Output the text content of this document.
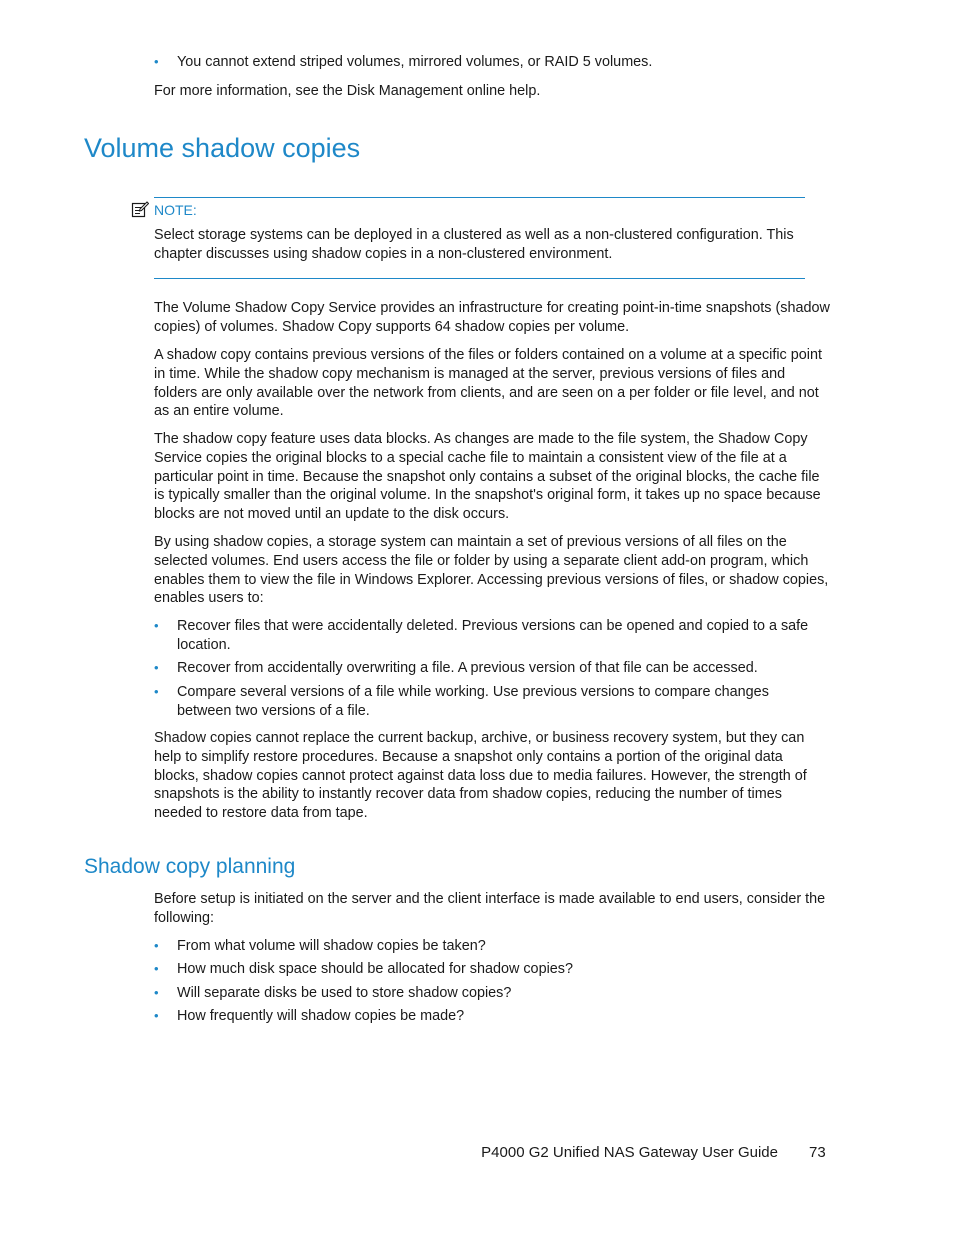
• You cannot extend striped volumes, mirrored volumes, or RAID 5 volumes.

For more information, see the Disk Management online help.

Volume shadow copies
NOTE:

Select storage systems can be deployed in a clustered as well as a non-clustered configuration. This chapter discusses using shadow copies in a non-clustered environment.

The Volume Shadow Copy Service provides an infrastructure for creating point-in-time snapshots (shadow copies) of volumes. Shadow Copy supports 64 shadow copies per volume.

A shadow copy contains previous versions of the files or folders contained on a volume at a specific point in time. While the shadow copy mechanism is managed at the server, previous versions of files and folders are only available over the network from clients, and are seen on a per folder or file level, and not as an entire volume.

The shadow copy feature uses data blocks. As changes are made to the file system, the Shadow Copy Service copies the original blocks to a special cache file to maintain a consistent view of the file at a particular point in time. Because the snapshot only contains a subset of the original blocks, the cache file is typically smaller than the original volume. In the snapshot's original form, it takes up no space because blocks are not moved until an update to the disk occurs.

By using shadow copies, a storage system can maintain a set of previous versions of all files on the selected volumes. End users access the file or folder by using a separate client add-on program, which enables them to view the file in Windows Explorer. Accessing previous versions of files, or shadow copies, enables users to:

• Recover files that were accidentally deleted. Previous versions can be opened and copied to a safe location.
• Recover from accidentally overwriting a file. A previous version of that file can be accessed.
• Compare several versions of a file while working. Use previous versions to compare changes between two versions of a file.

Shadow copies cannot replace the current backup, archive, or business recovery system, but they can help to simplify restore procedures. Because a snapshot only contains a portion of the original data blocks, shadow copies cannot protect against data loss due to media failures. However, the strength of snapshots is the ability to instantly recover data from shadow copies, reducing the number of times needed to restore data from tape.

Shadow copy planning

Before setup is initiated on the server and the client interface is made available to end users, consider the following:

• From what volume will shadow copies be taken?
• How much disk space should be allocated for shadow copies?
• Will separate disks be used to store shadow copies?
• How frequently will shadow copies be made?
P4000 G2 Unified NAS Gateway User Guide 73
